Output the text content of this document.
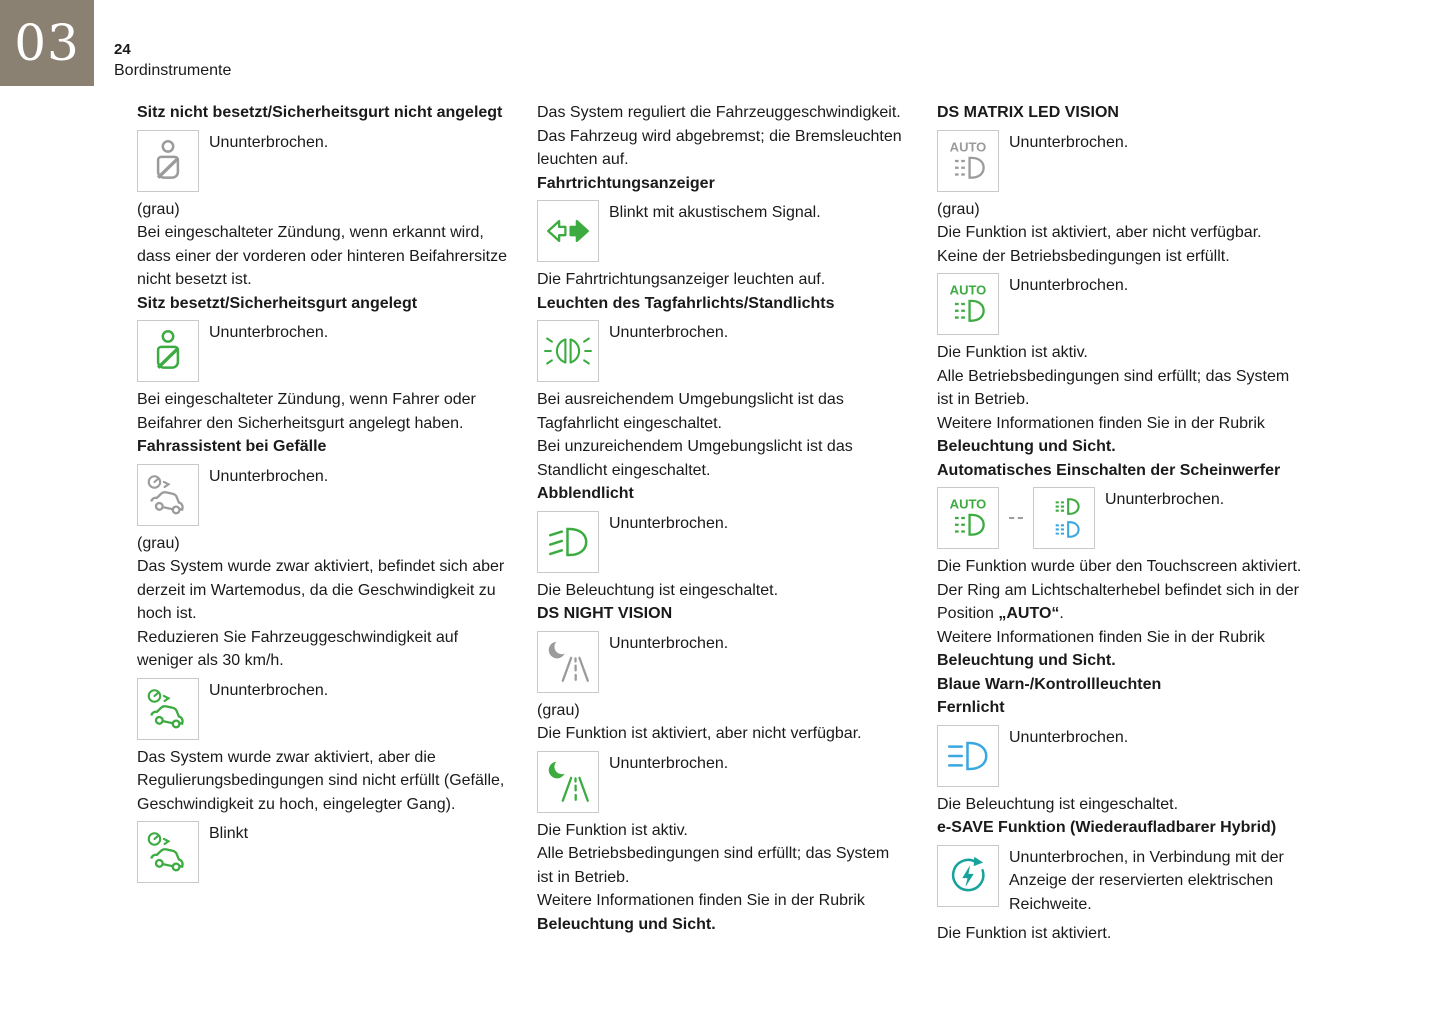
03 24
Bordinstrumente
Sitz nicht besetzt/Sicherheitsgurt nicht angelegt
Ununterbrochen.

(grau)

Bei eingeschalteter Zündung, wenn erkannt wird, dass einer der vorderen oder hinteren Beifahrersitze nicht besetzt ist.

Sitz besetzt/Sicherheitsgurt angelegt
Ununterbrochen.

Bei eingeschalteter Zündung, wenn Fahrer oder Beifahrer den Sicherheitsgurt angelegt haben.

Fahrassistent bei Gefälle
Ununterbrochen.

(grau)

Das System wurde zwar aktiviert, befindet sich aber derzeit im Wartemodus, da die Geschwindigkeit zu hoch ist.

Reduzieren Sie Fahrzeuggeschwindigkeit auf weniger als 30 km/h.

Ununterbrochen.

Das System wurde zwar aktiviert, aber die Regulierungsbedingungen sind nicht erfüllt (Gefälle, Geschwindigkeit zu hoch, eingelegter Gang).

Blinkt

Das System reguliert die Fahrzeuggeschwindigkeit.

Das Fahrzeug wird abgebremst; die Bremsleuchten leuchten auf.

Fahrtrichtungsanzeiger
Blinkt mit akustischem Signal.

Die Fahrtrichtungsanzeiger leuchten auf.

Leuchten des Tagfahrlichts/Standlichts
Ununterbrochen.

Bei ausreichendem Umgebungslicht ist das Tagfahrlicht eingeschaltet.

Bei unzureichendem Umgebungslicht ist das Standlicht eingeschaltet.

Abblendlicht
Ununterbrochen.

Die Beleuchtung ist eingeschaltet.

DS NIGHT VISION
Ununterbrochen.

(grau)

Die Funktion ist aktiviert, aber nicht verfügbar.

Ununterbrochen.

Die Funktion ist aktiv.

Alle Betriebsbedingungen sind erfüllt; das System ist in Betrieb.

Weitere Informationen finden Sie in der Rubrik Beleuchtung und Sicht.

DS MATRIX LED VISION
AUTO Ununterbrochen.

(grau)

Die Funktion ist aktiviert, aber nicht verfügbar.

Keine der Betriebsbedingungen ist erfüllt.

AUTO Ununterbrochen.

Die Funktion ist aktiv.

Alle Betriebsbedingungen sind erfüllt; das System ist in Betrieb.

Weitere Informationen finden Sie in der Rubrik Beleuchtung und Sicht.

Automatisches Einschalten der Scheinwerfer
AUTO	Ununterbrochen.

Die Funktion wurde über den Touchscreen aktiviert.

Der Ring am Lichtschalterhebel befindet sich in der Position „AUTO“.

Weitere Informationen finden Sie in der Rubrik Beleuchtung und Sicht.

Blaue Warn-/Kontrollleuchten
Fernlicht
Ununterbrochen.

Die Beleuchtung ist eingeschaltet.

e-SAVE Funktion (Wiederaufladbarer Hybrid)
Ununterbrochen, in Verbindung mit der Anzeige der reservierten elektrischen Reichweite.

Die Funktion ist aktiviert.
